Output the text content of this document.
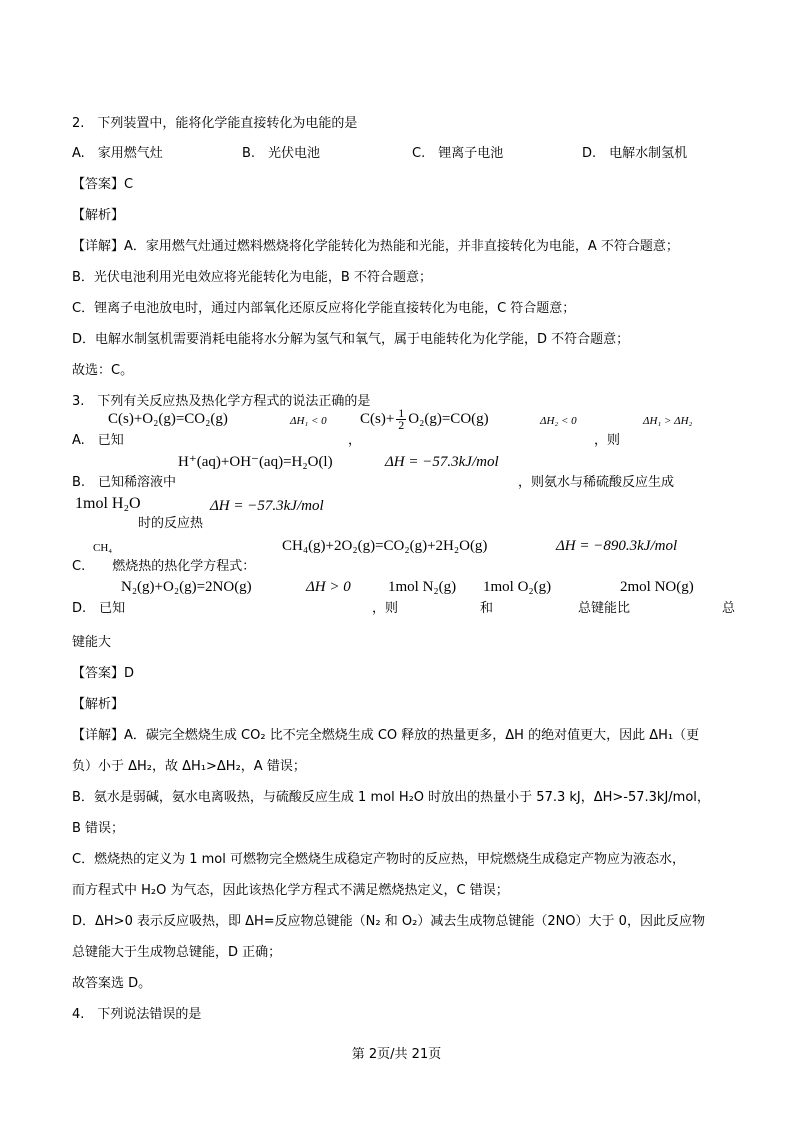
2.　下列装置中，能将化学能直接转化为电能的是
A.　家用燃气灶	B.　光伏电池	C.　锂离子电池	D.　电解水制氢机
【答案】C
【解析】
【详解】A．家用燃气灶通过燃料燃烧将化学能转化为热能和光能，并非直接转化为电能，A 不符合题意；
B．光伏电池利用光电效应将光能转化为电能，B 不符合题意；
C．锂离子电池放电时，通过内部氧化还原反应将化学能直接转化为电能，C 符合题意；
D．电解水制氢机需要消耗电能将水分解为氢气和氧气，属于电能转化为化学能，D 不符合题意；
故选：C。
3.　下列有关反应热及热化学方程式的说法正确的是
C(s)+O₂(g)=CO₂(g)	ΔH₁ < 0 $C(s)+ \frac{1}{2} O_2(g)=CO(g)$	ΔH₂ < 0	ΔH₁ > ΔH₂
A.　已知	，	，则
H⁺(aq)+OH⁻(aq)=H₂O(l)	ΔH = −57.3kJ/mol
B.　已知稀溶液中	，则氨水与稀硫酸反应生成
1mol H₂O	ΔH = −57.3kJ/mol
时的反应热
CH₄	CH₄(g)+2O₂(g)=CO₂(g)+2H₂O(g)	ΔH = −890.3kJ/mol
C.　燃烧热的热化学方程式：
N₂(g)+O₂(g)=2NO(g)	ΔH > 0 1mol N₂(g) 1mol O₂(g)	2mol NO(g)
D.　已知	，则	和	总键能比	总
键能大
【答案】D
【解析】
【详解】A．碳完全燃烧生成 CO₂ 比不完全燃烧生成 CO 释放的热量更多，ΔH 的绝对值更大，因此 ΔH₁（更
负）小于 ΔH₂，故 ΔH₁>ΔH₂，A 错误；
B．氨水是弱碱，氨水电离吸热，与硫酸反应生成 1 mol H₂O 时放出的热量小于 57.3 kJ，ΔH>-57.3kJ/mol，
B 错误；
C．燃烧热的定义为 1 mol 可燃物完全燃烧生成稳定产物时的反应热，甲烷燃烧生成稳定产物应为液态水，
而方程式中 H₂O 为气态，因此该热化学方程式不满足燃烧热定义，C 错误；
D．ΔH>0 表示反应吸热，即 ΔH=反应物总键能（N₂ 和 O₂）减去生成物总键能（2NO）大于 0，因此反应物
总键能大于生成物总键能，D 正确；
故答案选 D。
4.　下列说法错误的是
第 2页/共 21页
